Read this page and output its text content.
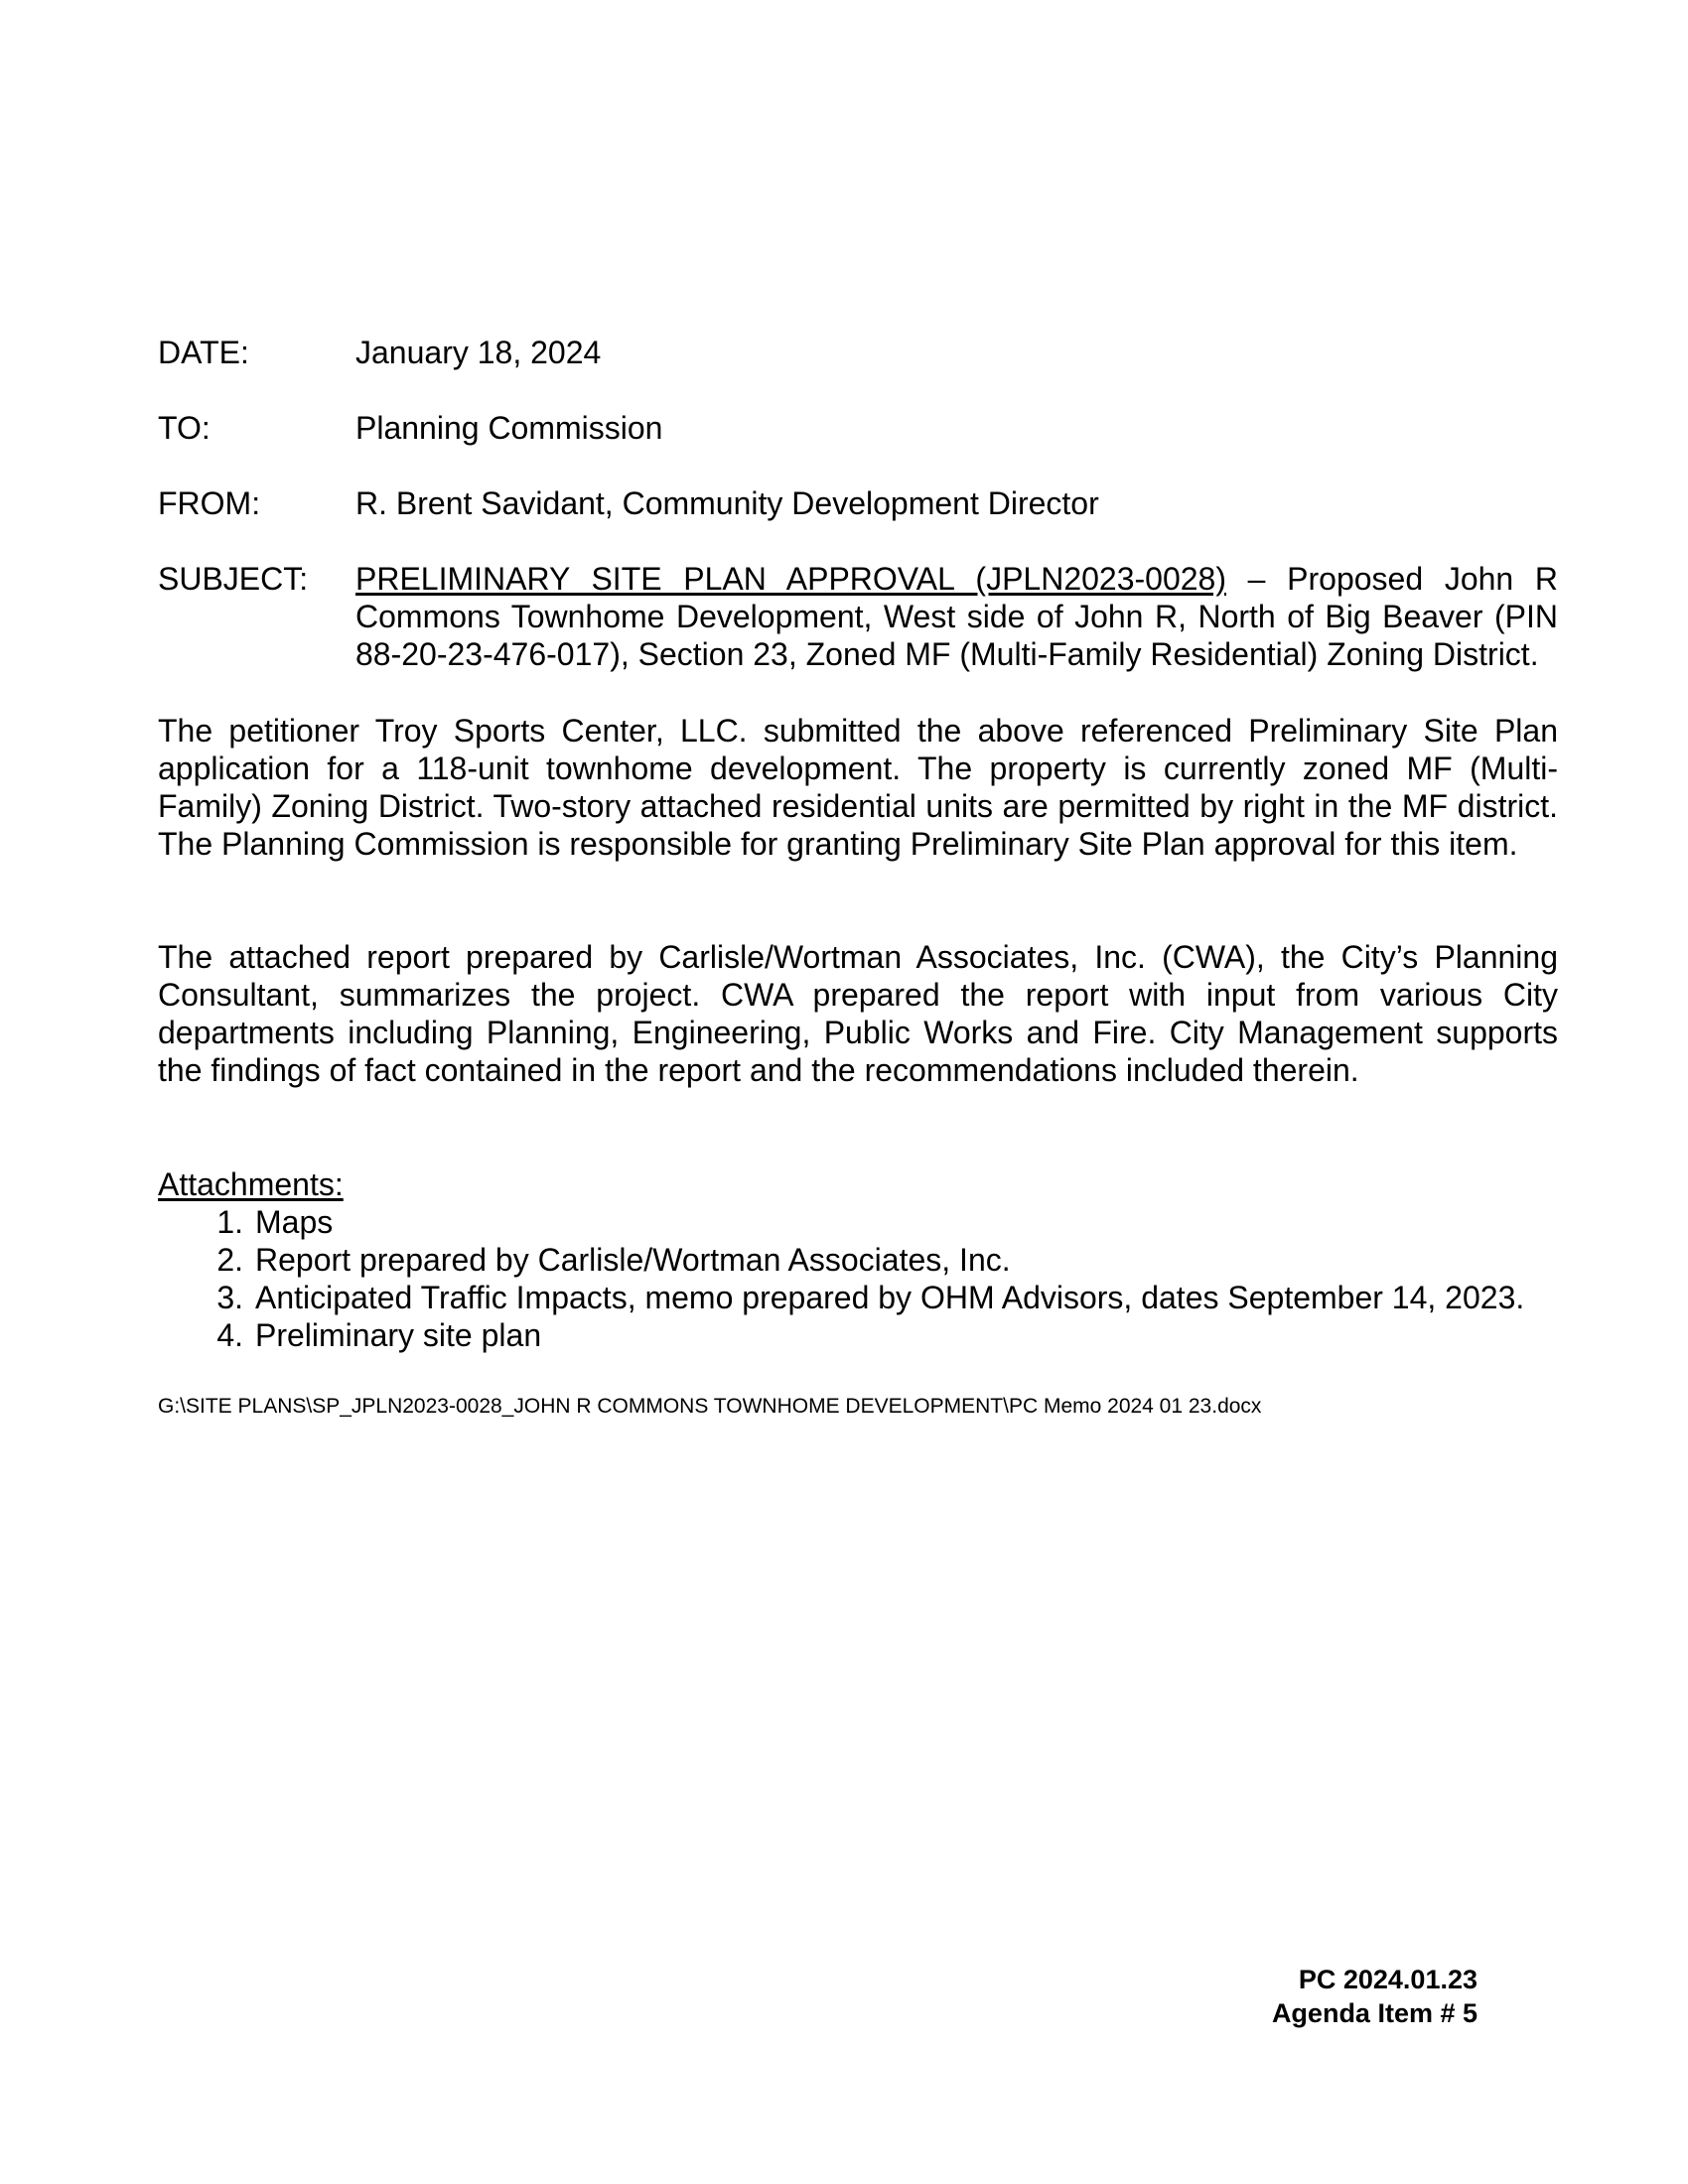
DATE:	January 18, 2024
TO:	Planning Commission
FROM:	R. Brent Savidant, Community Development Director
SUBJECT:	PRELIMINARY SITE PLAN APPROVAL (JPLN2023-0028) – Proposed John R Commons Townhome Development, West side of John R, North of Big Beaver (PIN 88-20-23-476-017), Section 23, Zoned MF (Multi-Family Residential) Zoning District.

The petitioner Troy Sports Center, LLC. submitted the above referenced Preliminary Site Plan application for a 118-unit townhome development. The property is currently zoned MF (Multi-Family) Zoning District. Two-story attached residential units are permitted by right in the MF district. The Planning Commission is responsible for granting Preliminary Site Plan approval for this item.

The attached report prepared by Carlisle/Wortman Associates, Inc. (CWA), the City’s Planning Consultant, summarizes the project. CWA prepared the report with input from various City departments including Planning, Engineering, Public Works and Fire. City Management supports the findings of fact contained in the report and the recommendations included therein.

Attachments:
1. Maps
2. Report prepared by Carlisle/Wortman Associates, Inc.
3. Anticipated Traffic Impacts, memo prepared by OHM Advisors, dates September 14, 2023.
4. Preliminary site plan
G:\SITE PLANS\SP_JPLN2023-0028_JOHN R COMMONS TOWNHOME DEVELOPMENT\PC Memo 2024 01 23.docx
PC 2024.01.23
Agenda Item # 5
